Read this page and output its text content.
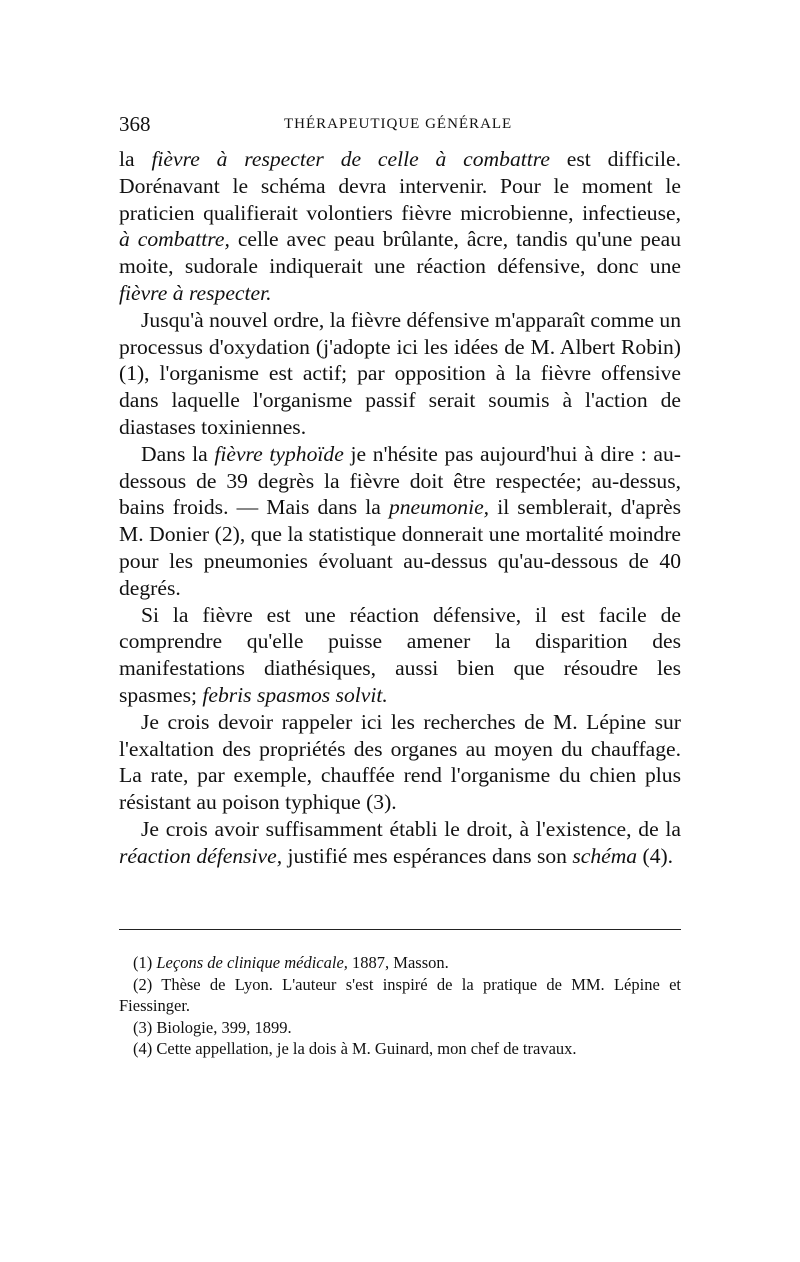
368	THÉRAPEUTIQUE GÉNÉRALE

la fièvre à respecter de celle à combattre est difficile. Dorénavant le schéma devra intervenir. Pour le moment le praticien qualifierait volontiers fièvre microbienne, infectieuse, à combattre, celle avec peau brûlante, âcre, tandis qu'une peau moite, sudorale indiquerait une réaction défensive, donc une fièvre à respecter.

Jusqu'à nouvel ordre, la fièvre défensive m'apparaît comme un processus d'oxydation (j'adopte ici les idées de M. Albert Robin) (1), l'organisme est actif; par opposition à la fièvre offensive dans laquelle l'organisme passif serait soumis à l'action de diastases toxiniennes.

Dans la fièvre typhoïde je n'hésite pas aujourd'hui à dire : au-dessous de 39 degrès la fièvre doit être respectée; au-dessus, bains froids. — Mais dans la pneumonie, il semblerait, d'après M. Donier (2), que la statistique donnerait une mortalité moindre pour les pneumonies évoluant au-dessus qu'au-dessous de 40 degrés.

Si la fièvre est une réaction défensive, il est facile de comprendre qu'elle puisse amener la disparition des manifestations diathésiques, aussi bien que résoudre les spasmes; febris spasmos solvit.

Je crois devoir rappeler ici les recherches de M. Lépine sur l'exaltation des propriétés des organes au moyen du chauffage. La rate, par exemple, chauffée rend l'organisme du chien plus résistant au poison typhique (3).

Je crois avoir suffisamment établi le droit, à l'existence, de la réaction défensive, justifié mes espérances dans son schéma (4).

(1) Leçons de clinique médicale, 1887, Masson.

(2) Thèse de Lyon. L'auteur s'est inspiré de la pratique de MM. Lépine et Fiessinger.

(3) Biologie, 399, 1899.

(4) Cette appellation, je la dois à M. Guinard, mon chef de travaux.
